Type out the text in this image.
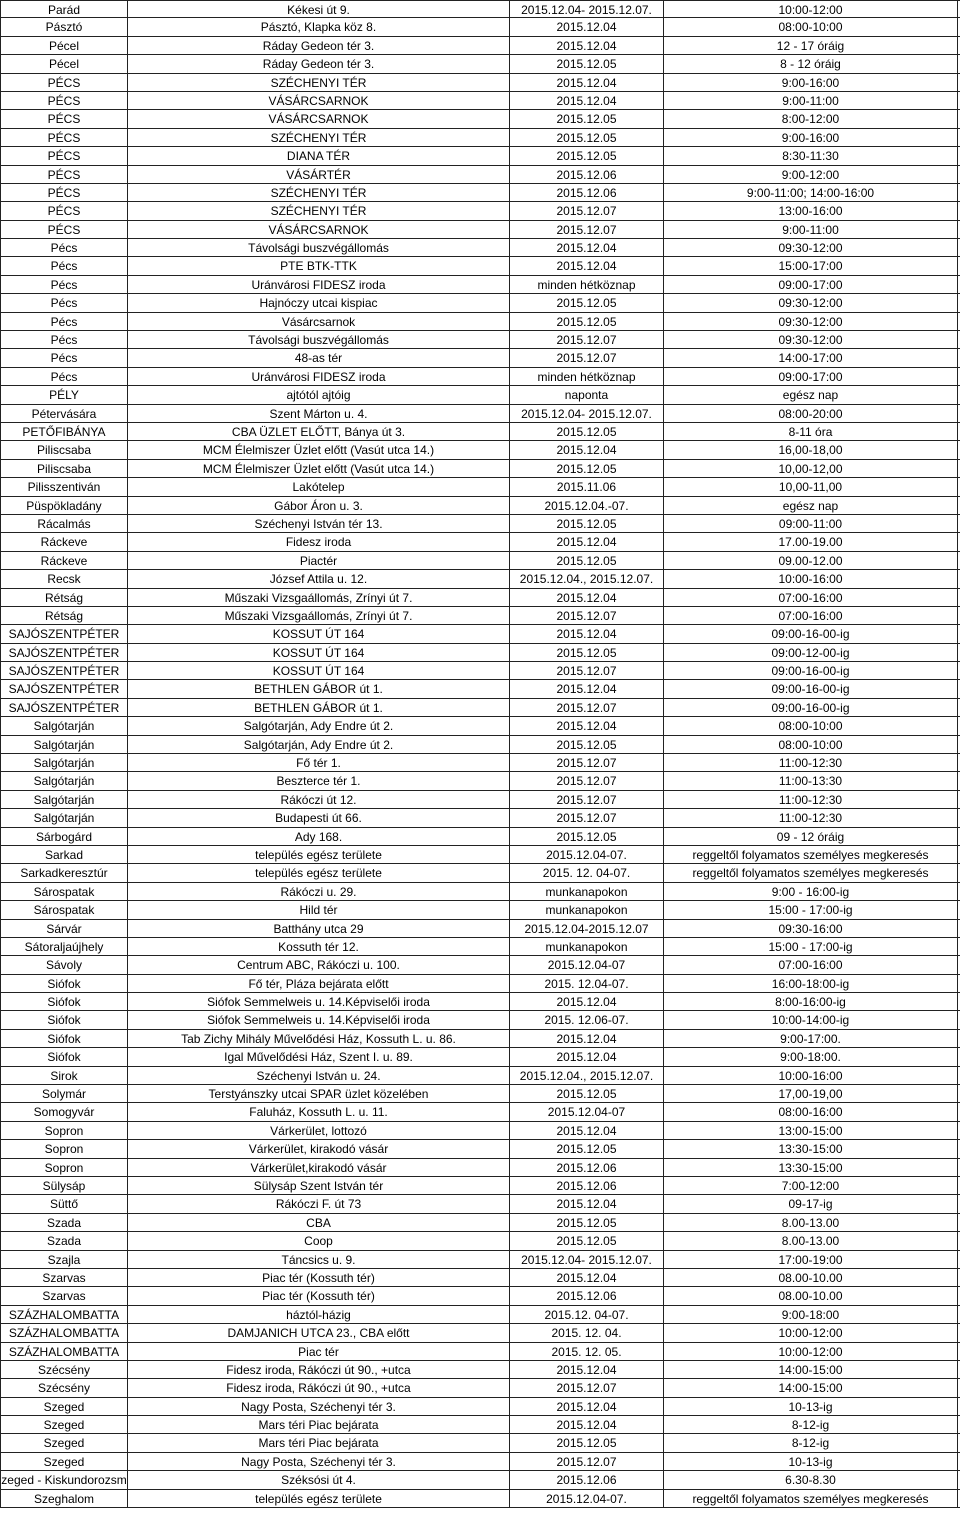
Parád	Kékesi út 9.	2015.12.04- 2015.12.07.	10:00-12:00
Pásztó	Pásztó, Klapka köz 8.	2015.12.04	08:00-10:00
Pécel	Ráday Gedeon tér 3.	2015.12.04	12 - 17 óráig
Pécel	Ráday Gedeon tér 3.	2015.12.05	8 - 12 óráig
PÉCS	SZÉCHENYI TÉR	2015.12.04	9:00-16:00
PÉCS	VÁSÁRCSARNOK	2015.12.04	9:00-11:00
PÉCS	VÁSÁRCSARNOK	2015.12.05	8:00-12:00
PÉCS	SZÉCHENYI TÉR	2015.12.05	9:00-16:00
PÉCS	DIANA TÉR	2015.12.05	8:30-11:30
PÉCS	VÁSÁRTÉR	2015.12.06	9:00-12:00
PÉCS	SZÉCHENYI TÉR	2015.12.06	9:00-11:00; 14:00-16:00
PÉCS	SZÉCHENYI TÉR	2015.12.07	13:00-16:00
PÉCS	VÁSÁRCSARNOK	2015.12.07	9:00-11:00
Pécs	Távolsági buszvégállomás	2015.12.04	09:30-12:00
Pécs	PTE BTK-TTK	2015.12.04	15:00-17:00
Pécs	Uránvárosi FIDESZ iroda	minden hétköznap	09:00-17:00
Pécs	Hajnóczy utcai kispiac	2015.12.05	09:30-12:00
Pécs	Vásárcsarnok	2015.12.05	09:30-12:00
Pécs	Távolsági buszvégállomás	2015.12.07	09:30-12:00
Pécs	48-as tér	2015.12.07	14:00-17:00
Pécs	Uránvárosi FIDESZ iroda	minden hétköznap	09:00-17:00
PÉLY	ajtótól ajtóig	naponta	egész nap
Pétervására	Szent Márton u. 4.	2015.12.04- 2015.12.07.	08:00-20:00
PETŐFIBÁNYA	CBA ÜZLET ELŐTT, Bánya út 3.	2015.12.05	8-11 óra
Piliscsaba	MCM Élelmiszer Üzlet előtt (Vasút utca 14.)	2015.12.04	16,00-18,00
Piliscsaba	MCM Élelmiszer Üzlet előtt (Vasút utca 14.)	2015.12.05	10,00-12,00
Pilisszentiván	Lakótelep	2015.11.06	10,00-11,00
Püspökladány	Gábor Áron u. 3.	2015.12.04.-07.	egész nap
Rácalmás	Széchenyi István tér 13.	2015.12.05	09:00-11:00
Ráckeve	Fidesz iroda	2015.12.04	17.00-19.00
Ráckeve	Piactér	2015.12.05	09.00-12.00
Recsk	József Attila u. 12.	2015.12.04., 2015.12.07.	10:00-16:00
Rétság	Műszaki Vizsgaállomás, Zrínyi út 7.	2015.12.04	07:00-16:00
Rétság	Műszaki Vizsgaállomás, Zrínyi út 7.	2015.12.07	07:00-16:00
SAJÓSZENTPÉTER	KOSSUT ÚT 164	2015.12.04	09:00-16-00-ig
SAJÓSZENTPÉTER	KOSSUT ÚT 164	2015.12.05	09:00-12-00-ig
SAJÓSZENTPÉTER	KOSSUT ÚT 164	2015.12.07	09:00-16-00-ig
SAJÓSZENTPÉTER	BETHLEN GÁBOR út 1.	2015.12.04	09:00-16-00-ig
SAJÓSZENTPÉTER	BETHLEN GÁBOR út 1.	2015.12.07	09:00-16-00-ig
Salgótarján	Salgótarján, Ady Endre út 2.	2015.12.04	08:00-10:00
Salgótarján	Salgótarján, Ady Endre út 2.	2015.12.05	08:00-10:00
Salgótarján	Fő tér 1.	2015.12.07	11:00-12:30
Salgótarján	Beszterce tér 1.	2015.12.07	11:00-13:30
Salgótarján	Rákóczi út 12.	2015.12.07	11:00-12:30
Salgótarján	Budapesti út 66.	2015.12.07	11:00-12:30
Sárbogárd	Ady 168.	2015.12.05	09 - 12 óráig
Sarkad	település egész területe	2015.12.04-07.	reggeltől folyamatos személyes megkeresés
Sarkadkeresztúr	település egész területe	2015. 12. 04-07.	reggeltől folyamatos személyes megkeresés
Sárospatak	Rákóczi u. 29.	munkanapokon	9:00 - 16:00-ig
Sárospatak	Hild tér	munkanapokon	15:00 - 17:00-ig
Sárvár	Batthány utca 29	2015.12.04-2015.12.07	09:30-16:00
Sátoraljaújhely	Kossuth tér 12.	munkanapokon	15:00 - 17:00-ig
Sávoly	Centrum ABC, Rákóczi u. 100.	2015.12.04-07	07:00-16:00
Siófok	Fő tér, Pláza bejárata előtt	2015. 12.04-07.	16:00-18:00-ig
Siófok	Siófok Semmelweis u. 14.Képviselői iroda	2015.12.04	8:00-16:00-ig
Siófok	Siófok Semmelweis u. 14.Képviselői iroda	2015. 12.06-07.	10:00-14:00-ig
Siófok	Tab Zichy Mihály Művelődési Ház, Kossuth L. u. 86.	2015.12.04	9:00-17:00.
Siófok	Igal Művelődési Ház, Szent I. u. 89.	2015.12.04	9:00-18:00.
Sirok	Széchenyi István u. 24.	2015.12.04., 2015.12.07.	10:00-16:00
Solymár	Terstyánszky utcai SPAR üzlet közelében	2015.12.05	17,00-19,00
Somogyvár	Faluház, Kossuth L. u. 11.	2015.12.04-07	08:00-16:00
Sopron	Várkerület, lottozó	2015.12.04	13:00-15:00
Sopron	Várkerület, kirakodó vásár	2015.12.05	13:30-15:00
Sopron	Várkerület,kirakodó vásár	2015.12.06	13:30-15:00
Sülysáp	Sülysáp Szent István tér	2015.12.06	7:00-12:00
Süttő	Rákóczi F. út 73	2015.12.04	09-17-ig
Szada	CBA	2015.12.05	8.00-13.00
Szada	Coop	2015.12.05	8.00-13.00
Szajla	Táncsics u. 9.	2015.12.04- 2015.12.07.	17:00-19:00
Szarvas	Piac tér (Kossuth tér)	2015.12.04	08.00-10.00
Szarvas	Piac tér (Kossuth tér)	2015.12.06	08.00-10.00
SZÁZHALOMBATTA	háztól-házig	2015.12. 04-07.	9:00-18:00
SZÁZHALOMBATTA	DAMJANICH UTCA 23., CBA előtt	2015. 12. 04.	10:00-12:00
SZÁZHALOMBATTA	Piac tér	2015. 12. 05.	10:00-12:00
Szécsény	Fidesz iroda, Rákóczi út 90., +utca	2015.12.04	14:00-15:00
Szécsény	Fidesz iroda, Rákóczi út 90., +utca	2015.12.07	14:00-15:00
Szeged	Nagy Posta, Széchenyi tér 3.	2015.12.04	10-13-ig
Szeged	Mars téri Piac bejárata	2015.12.04	8-12-ig
Szeged	Mars téri Piac bejárata	2015.12.05	8-12-ig
Szeged	Nagy Posta, Széchenyi tér 3.	2015.12.07	10-13-ig
zeged - Kiskundorozsm	Széksósi út 4.	2015.12.06	6.30-8.30
Szeghalom	település egész területe	2015.12.04-07.	reggeltől folyamatos személyes megkeresés
